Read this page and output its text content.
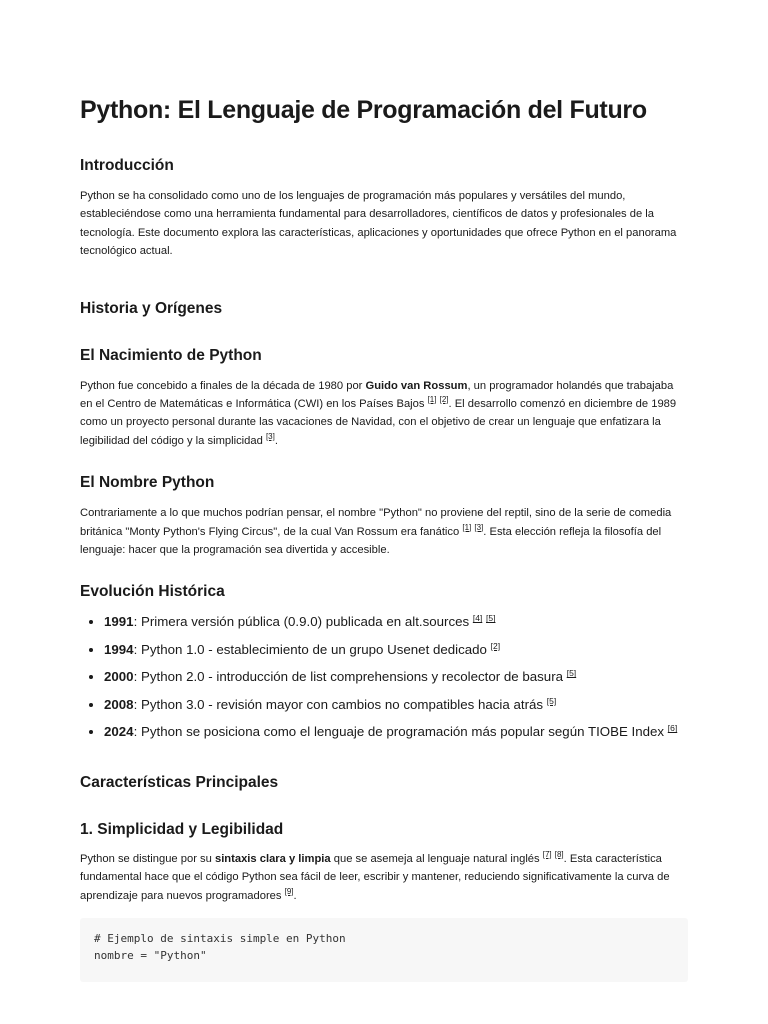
Python: El Lenguaje de Programación del Futuro
Introducción

Python se ha consolidado como uno de los lenguajes de programación más populares y versátiles del mundo, estableciéndose como una herramienta fundamental para desarrolladores, científicos de datos y profesionales de la tecnología. Este documento explora las características, aplicaciones y oportunidades que ofrece Python en el panorama tecnológico actual.

Historia y Orígenes
El Nacimiento de Python

Python fue concebido a finales de la década de 1980 por Guido van Rossum, un programador holandés que trabajaba en el Centro de Matemáticas e Informática (CWI) en los Países Bajos [1] [2]. El desarrollo comenzó en diciembre de 1989 como un proyecto personal durante las vacaciones de Navidad, con el objetivo de crear un lenguaje que enfatizara la legibilidad del código y la simplicidad [3].

El Nombre Python

Contrariamente a lo que muchos podrían pensar, el nombre "Python" no proviene del reptil, sino de la serie de comedia británica "Monty Python's Flying Circus", de la cual Van Rossum era fanático [1] [3]. Esta elección refleja la filosofía del lenguaje: hacer que la programación sea divertida y accesible.

Evolución Histórica
• 1991: Primera versión pública (0.9.0) publicada en alt.sources [4] [5]
• 1994: Python 1.0 - establecimiento de un grupo Usenet dedicado [2]
• 2000: Python 2.0 - introducción de list comprehensions y recolector de basura [5]
• 2008: Python 3.0 - revisión mayor con cambios no compatibles hacia atrás [5]
• 2024: Python se posiciona como el lenguaje de programación más popular según TIOBE Index [6]
Características Principales
1. Simplicidad y Legibilidad

Python se distingue por su sintaxis clara y limpia que se asemeja al lenguaje natural inglés [7] [8]. Esta característica fundamental hace que el código Python sea fácil de leer, escribir y mantener, reduciendo significativamente la curva de aprendizaje para nuevos programadores [9].

# Ejemplo de sintaxis simple en Python
nombre = "Python"
